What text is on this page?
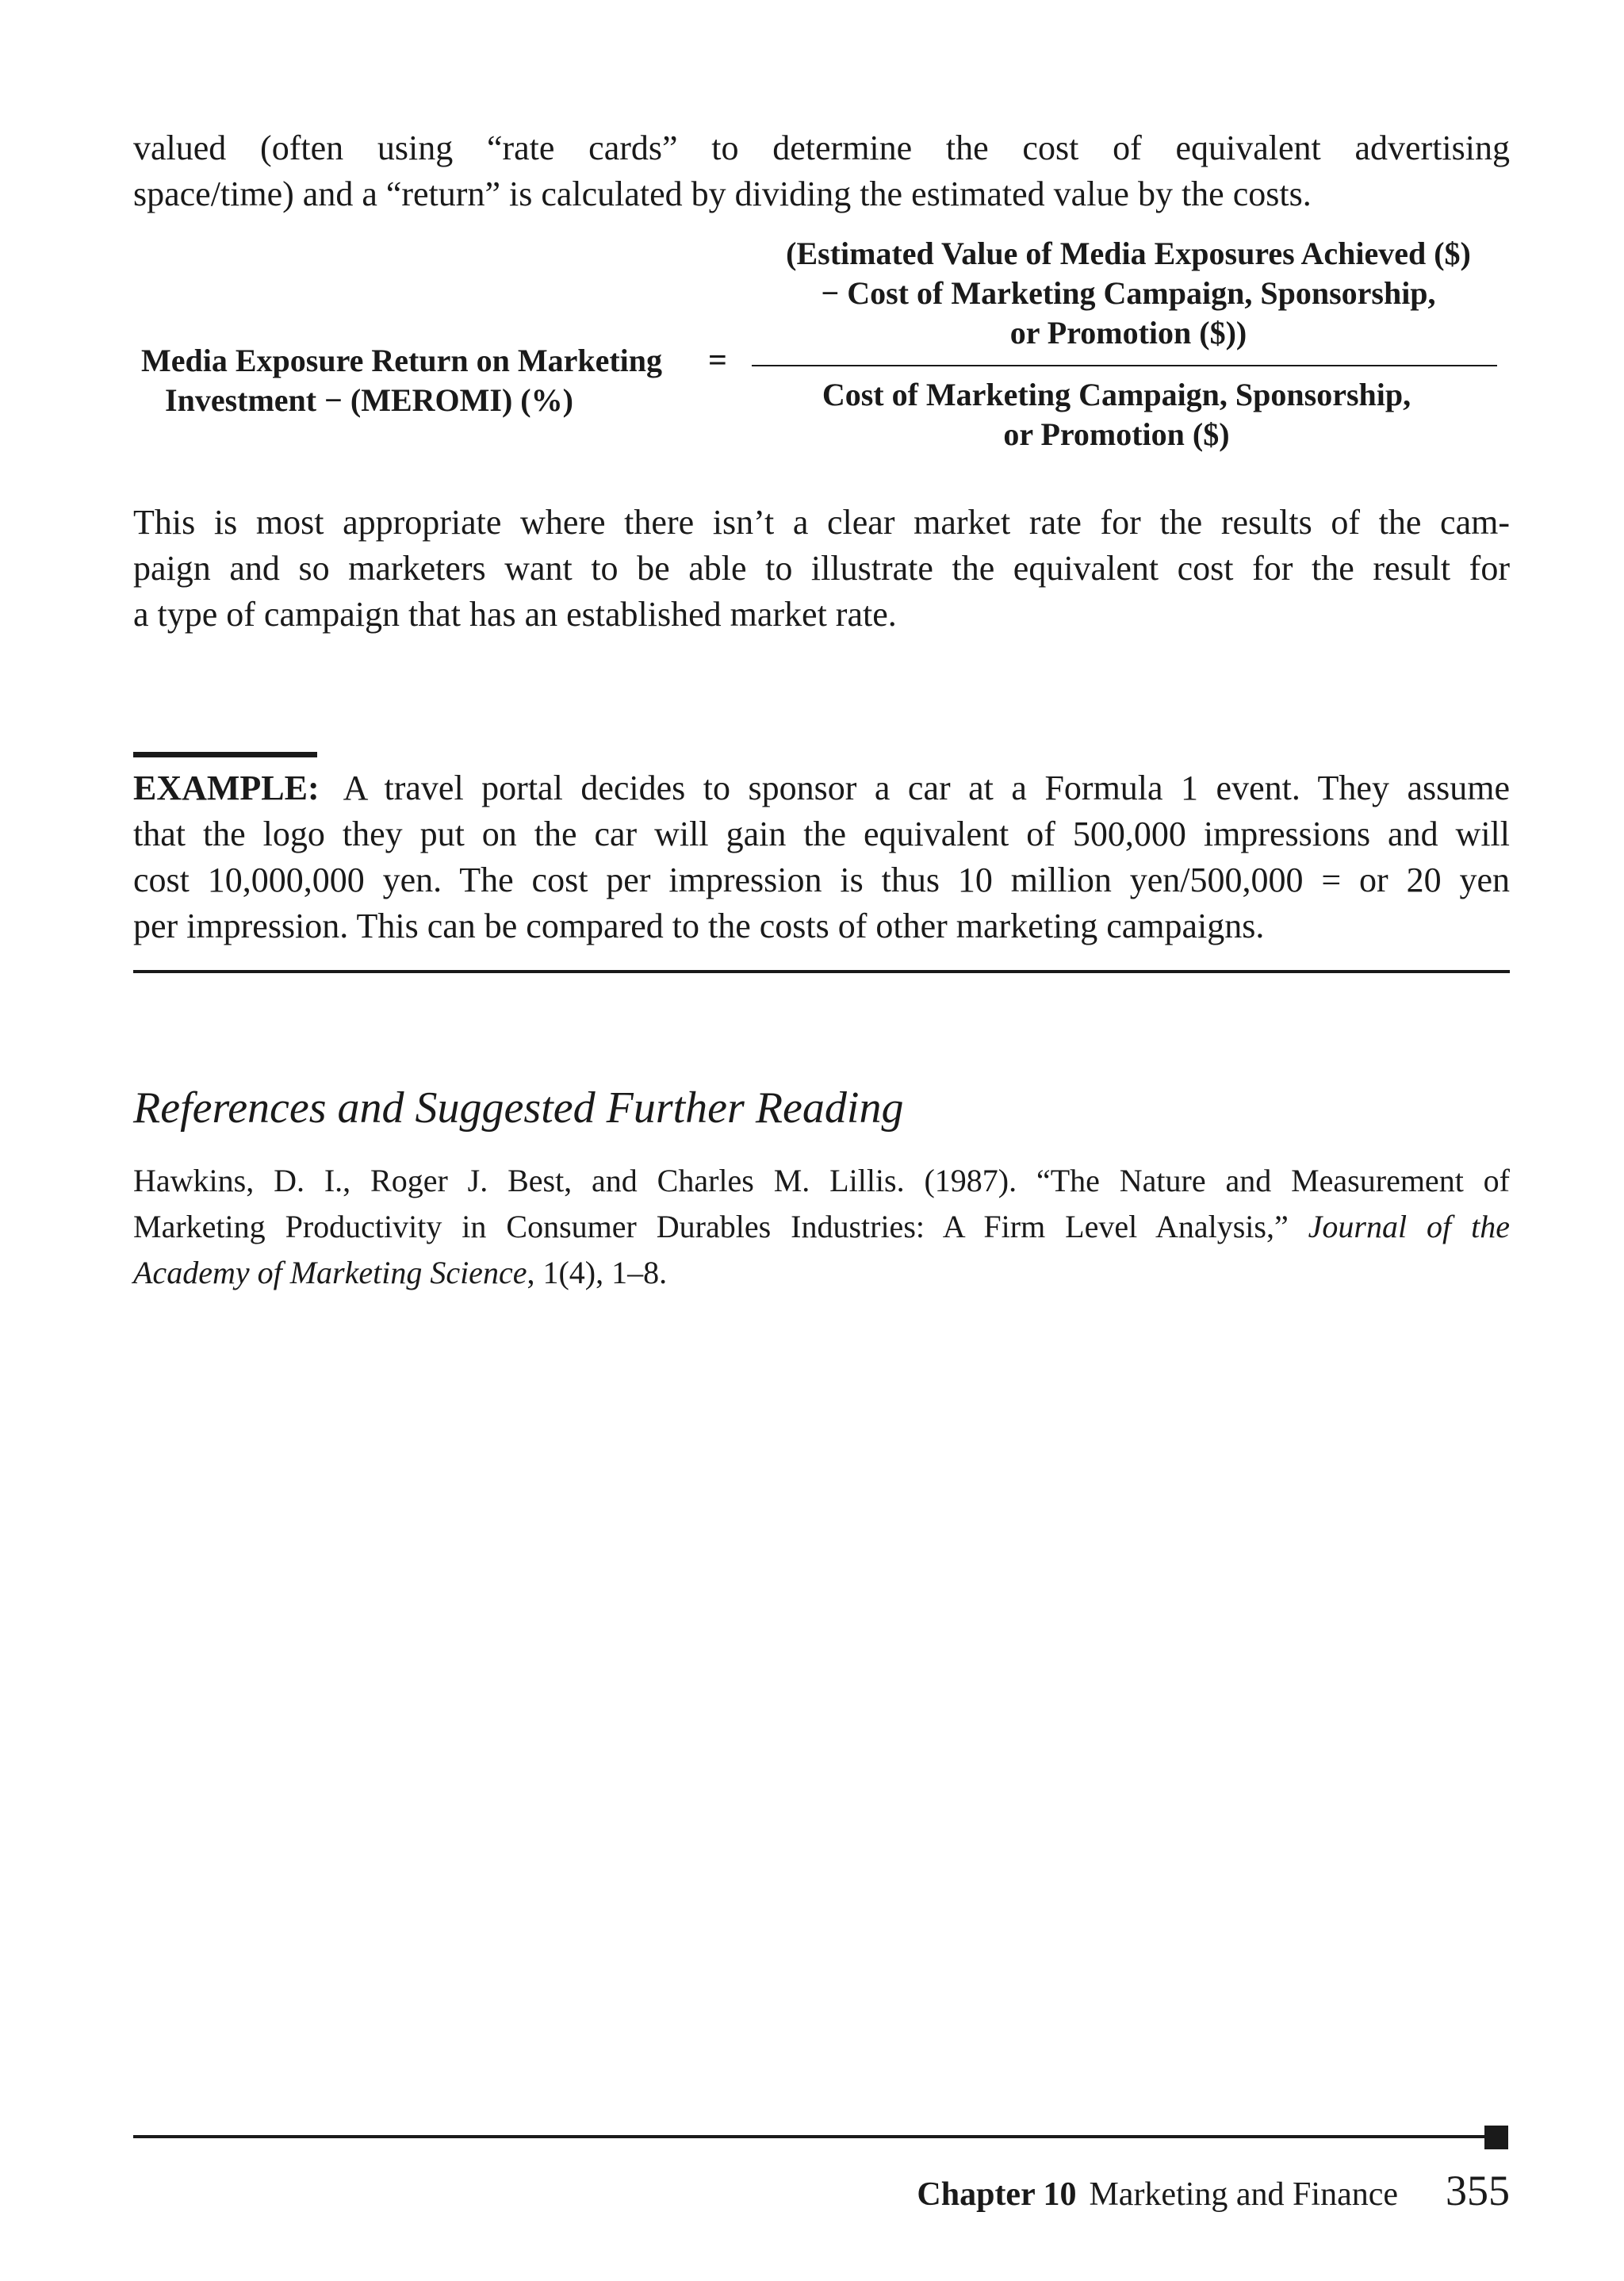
valued (often using “rate cards” to determine the cost of equivalent advertising
space/time) and a “return” is calculated by dividing the estimated value by the costs.

Media Exposure Return on Marketing
Investment − (MEROMI) (%)
=
(Estimated Value of Media Exposures Achieved ($)
− Cost of Marketing Campaign, Sponsorship,
or Promotion ($))
Cost of Marketing Campaign, Sponsorship,
or Promotion ($)

This is most appropriate where there isn’t a clear market rate for the results of the cam-
paign and so marketers want to be able to illustrate the equivalent cost for the result for
a type of campaign that has an established market rate.

EXAMPLE: A travel portal decides to sponsor a car at a Formula 1 event. They assume
that the logo they put on the car will gain the equivalent of 500,000 impressions and will
cost 10,000,000 yen. The cost per impression is thus 10 million yen/500,000 = or 20 yen
per impression. This can be compared to the costs of other marketing campaigns.

References and Suggested Further Reading

Hawkins, D. I., Roger J. Best, and Charles M. Lillis. (1987). “The Nature and Measurement of
Marketing Productivity in Consumer Durables Industries: A Firm Level Analysis,” Journal of the
Academy of Marketing Science, 1(4), 1–8.

Chapter 10 Marketing and Finance 355
